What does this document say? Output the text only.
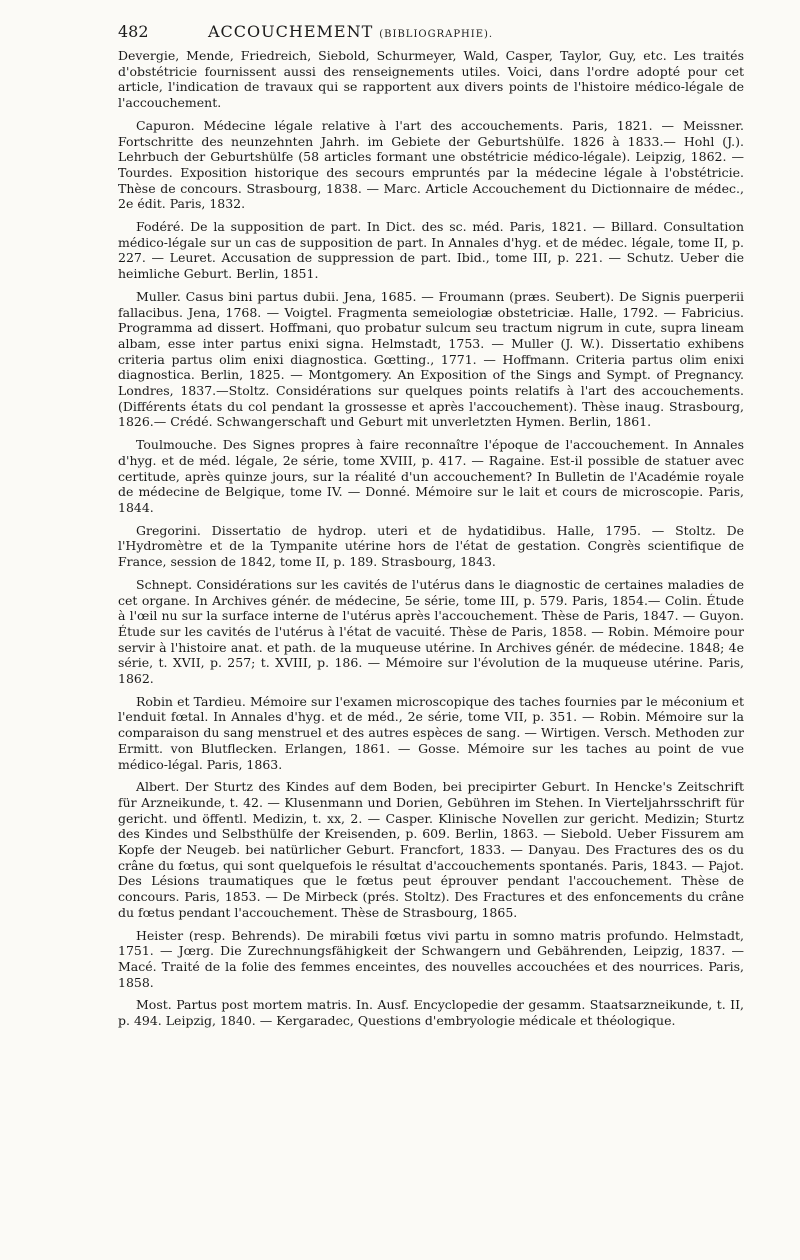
482	ACCOUCHEMENT (BIBLIOGRAPHIE).

Devergie, Mende, Friedreich, Siebold, Schurmeyer, Wald, Casper, Taylor, Guy, etc. Les traités d'obstétricie fournissent aussi des renseignements utiles. Voici, dans l'ordre adopté pour cet article, l'indication de travaux qui se rapportent aux divers points de l'histoire médico-légale de l'accouchement.

Capuron. Médecine légale relative à l'art des accouchements. Paris, 1821. — Meissner. Fortschritte des neunzehnten Jahrh. im Gebiete der Geburtshülfe. 1826 à 1833.— Hohl (J.). Lehrbuch der Geburtshülfe (58 articles formant une obstétricie médico-légale). Leipzig, 1862. — Tourdes. Exposition historique des secours empruntés par la médecine légale à l'obstétricie. Thèse de concours. Strasbourg, 1838. — Marc. Article Accouchement du Dictionnaire de médec., 2e édit. Paris, 1832.

Fodéré. De la supposition de part. In Dict. des sc. méd. Paris, 1821. — Billard. Consultation médico-légale sur un cas de supposition de part. In Annales d'hyg. et de médec. légale, tome II, p. 227. — Leuret. Accusation de suppression de part. Ibid., tome III, p. 221. — Schutz. Ueber die heimliche Geburt. Berlin, 1851.

Muller. Casus bini partus dubii. Jena, 1685. — Froumann (præs. Seubert). De Signis puerperii fallacibus. Jena, 1768. — Voigtel. Fragmenta semeiologiæ obstetriciæ. Halle, 1792. — Fabricius. Programma ad dissert. Hoffmani, quo probatur sulcum seu tractum nigrum in cute, supra lineam albam, esse inter partus enixi signa. Helmstadt, 1753. — Muller (J. W.). Dissertatio exhibens criteria partus olim enixi diagnostica. Gœtting., 1771. — Hoffmann. Criteria partus olim enixi diagnostica. Berlin, 1825. — Montgomery. An Exposition of the Sings and Sympt. of Pregnancy. Londres, 1837.—Stoltz. Considérations sur quelques points relatifs à l'art des accouchements. (Différents états du col pendant la grossesse et après l'accouchement). Thèse inaug. Strasbourg, 1826.— Crédé. Schwangerschaft und Geburt mit unverletzten Hymen. Berlin, 1861.

Toulmouche. Des Signes propres à faire reconnaître l'époque de l'accouchement. In Annales d'hyg. et de méd. légale, 2e série, tome XVIII, p. 417. — Ragaine. Est-il possible de statuer avec certitude, après quinze jours, sur la réalité d'un accouchement? In Bulletin de l'Académie royale de médecine de Belgique, tome IV. — Donné. Mémoire sur le lait et cours de microscopie. Paris, 1844.

Gregorini. Dissertatio de hydrop. uteri et de hydatidibus. Halle, 1795. — Stoltz. De l'Hydromètre et de la Tympanite utérine hors de l'état de gestation. Congrès scientifique de France, session de 1842, tome II, p. 189. Strasbourg, 1843.

Schnept. Considérations sur les cavités de l'utérus dans le diagnostic de certaines maladies de cet organe. In Archives génér. de médecine, 5e série, tome III, p. 579. Paris, 1854.— Colin. Étude à l'œil nu sur la surface interne de l'utérus après l'accouchement. Thèse de Paris, 1847. — Guyon. Étude sur les cavités de l'utérus à l'état de vacuité. Thèse de Paris, 1858. — Robin. Mémoire pour servir à l'histoire anat. et path. de la muqueuse utérine. In Archives génér. de médecine. 1848; 4e série, t. XVII, p. 257; t. XVIII, p. 186. — Mémoire sur l'évolution de la muqueuse utérine. Paris, 1862.

Robin et Tardieu. Mémoire sur l'examen microscopique des taches fournies par le méconium et l'enduit fœtal. In Annales d'hyg. et de méd., 2e série, tome VII, p. 351. — Robin. Mémoire sur la comparaison du sang menstruel et des autres espèces de sang. — Wirtigen. Versch. Methoden zur Ermitt. von Blutflecken. Erlangen, 1861. — Gosse. Mémoire sur les taches au point de vue médico-légal. Paris, 1863.

Albert. Der Sturtz des Kindes auf dem Boden, bei precipirter Geburt. In Hencke's Zeitschrift für Arzneikunde, t. 42. — Klusenmann und Dorien, Gebühren im Stehen. In Vierteljahrsschrift für gericht. und öffentl. Medizin, t. xx, 2. — Casper. Klinische Novellen zur gericht. Medizin; Sturtz des Kindes und Selbsthülfe der Kreisenden, p. 609. Berlin, 1863. — Siebold. Ueber Fissurem am Kopfe der Neugeb. bei natürlicher Geburt. Francfort, 1833. — Danyau. Des Fractures des os du crâne du fœtus, qui sont quelquefois le résultat d'accouchements spontanés. Paris, 1843. — Pajot. Des Lésions traumatiques que le fœtus peut éprouver pendant l'accouchement. Thèse de concours. Paris, 1853. — De Mirbeck (prés. Stoltz). Des Fractures et des enfoncements du crâne du fœtus pendant l'accouchement. Thèse de Strasbourg, 1865.

Heister (resp. Behrends). De mirabili fœtus vivi partu in somno matris profundo. Helmstadt, 1751. — Jœrg. Die Zurechnungsfähigkeit der Schwangern und Gebährenden, Leipzig, 1837. — Macé. Traité de la folie des femmes enceintes, des nouvelles accouchées et des nourrices. Paris, 1858.

Most. Partus post mortem matris. In. Ausf. Encyclopedie der gesamm. Staatsarzneikunde, t. II, p. 494. Leipzig, 1840. — Kergaradec, Questions d'embryologie médicale et théologique.
